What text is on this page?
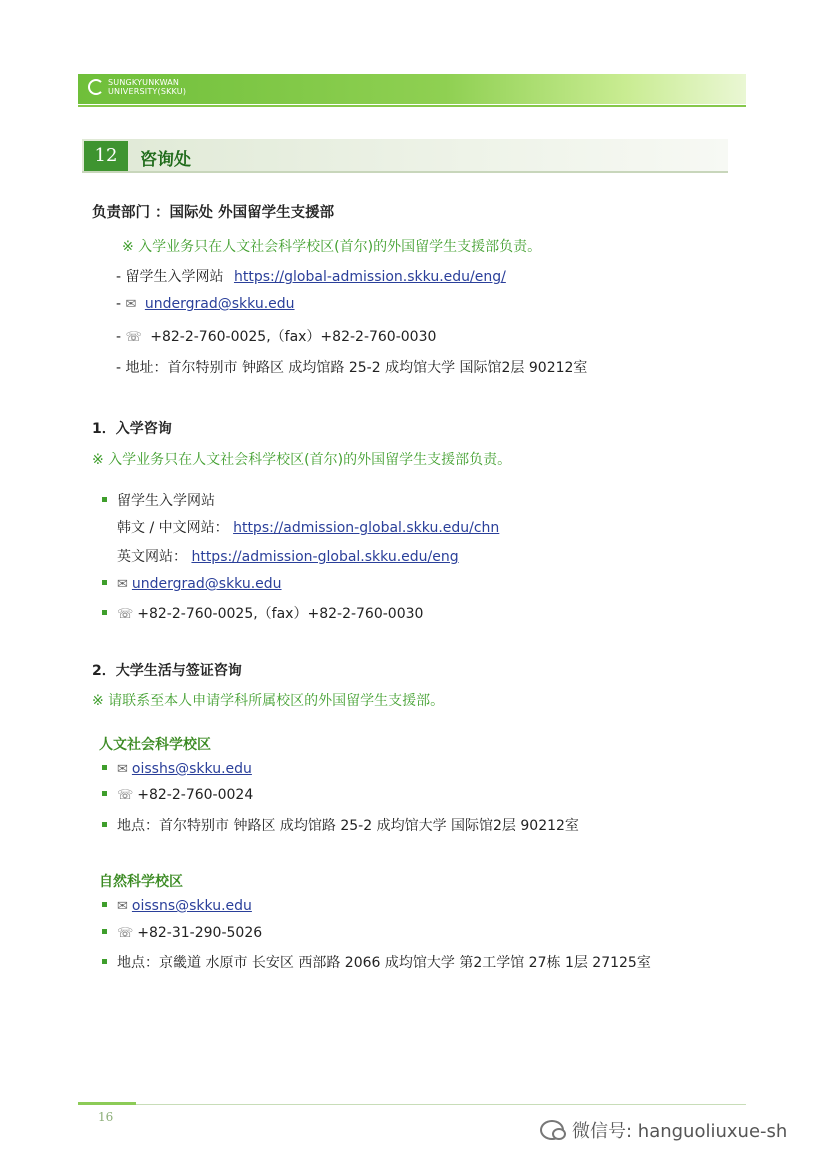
SUNGKYUNKWAN
UNIVERSITY(SKKU)
12	咨询处
负责部门 ：国际处 外国留学生支援部
※ 入学业务只在人文社会科学校区(首尔)的外国留学生支援部负责。
- 留学生入学网站 https://global-admission.skku.edu/eng/
- ✉ undergrad@skku.edu
- ☏ +82-2-760-0025,（fax）+82-2-760-0030
- 地址：首尔特别市 钟路区 成均馆路 25-2 成均馆大学 国际馆2层 90212室
1．入学咨询
※ 入学业务只在人文社会科学校区(首尔)的外国留学生支援部负责。
留学生入学网站
韩文 / 中文网站： https://admission-global.skku.edu/chn
英文网站： https://admission-global.skku.edu/eng
✉ undergrad@skku.edu
☏ +82-2-760-0025,（fax）+82-2-760-0030
2．大学生活与签证咨询
※ 请联系至本人申请学科所属校区的外国留学生支援部。
人文社会科学校区
✉ oisshs@skku.edu
☏ +82-2-760-0024
地点：首尔特别市 钟路区 成均馆路 25-2 成均馆大学 国际馆2层 90212室
自然科学校区
✉ oissns@skku.edu
☏ +82-31-290-5026
地点：京畿道 水原市 长安区 西部路 2066 成均馆大学 第2工学馆 27栋 1层 27125室
16
微信号: hanguoliuxue-sh
